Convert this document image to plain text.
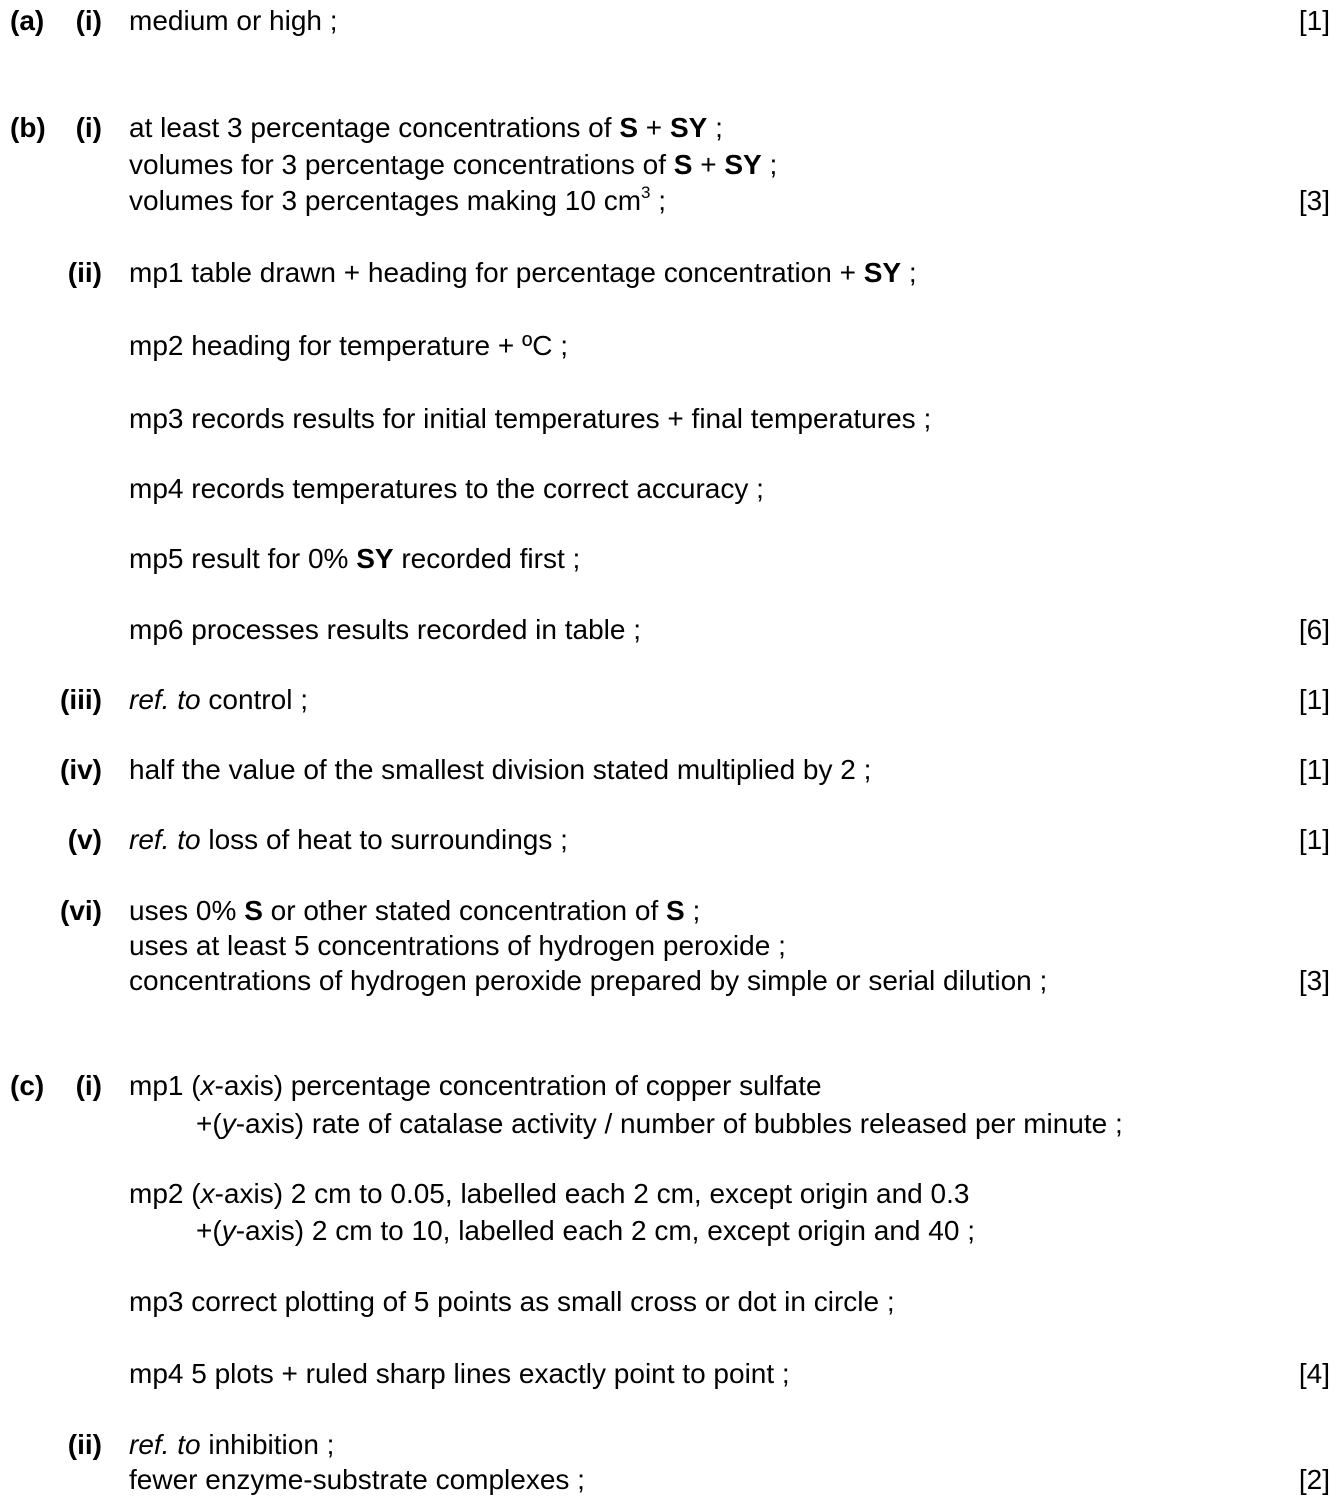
(a)	(i) medium or high ;	[1]
(b)	(i) at least 3 percentage concentrations of S + SY ;
volumes for 3 percentage concentrations of S + SY ;
volumes for 3 percentages making 10 $cm^3$ ;	[3]
(ii) mp1 table drawn + heading for percentage concentration + SY ;
mp2 heading for temperature + ºC ;
mp3 records results for initial temperatures + final temperatures ;
mp4 records temperatures to the correct accuracy ;
mp5 result for 0% SY recorded first ;
mp6 processes results recorded in table ;	[6]
(iii) ref. to control ;	[1]
(iv) half the value of the smallest division stated multiplied by 2 ;	[1]
(v) ref. to loss of heat to surroundings ;	[1]
(vi) uses 0% S or other stated concentration of S ;
uses at least 5 concentrations of hydrogen peroxide ;
concentrations of hydrogen peroxide prepared by simple or serial dilution ;	[3]
(c)	(i) mp1 (x-axis) percentage concentration of copper sulfate
+(y-axis) rate of catalase activity / number of bubbles released per minute ;
mp2 (x-axis) 2 cm to 0.05, labelled each 2 cm, except origin and 0.3
+(y-axis) 2 cm to 10, labelled each 2 cm, except origin and 40 ;
mp3 correct plotting of 5 points as small cross or dot in circle ;
mp4 5 plots + ruled sharp lines exactly point to point ;	[4]
(ii) ref. to inhibition ;
fewer enzyme-substrate complexes ;	[2]
